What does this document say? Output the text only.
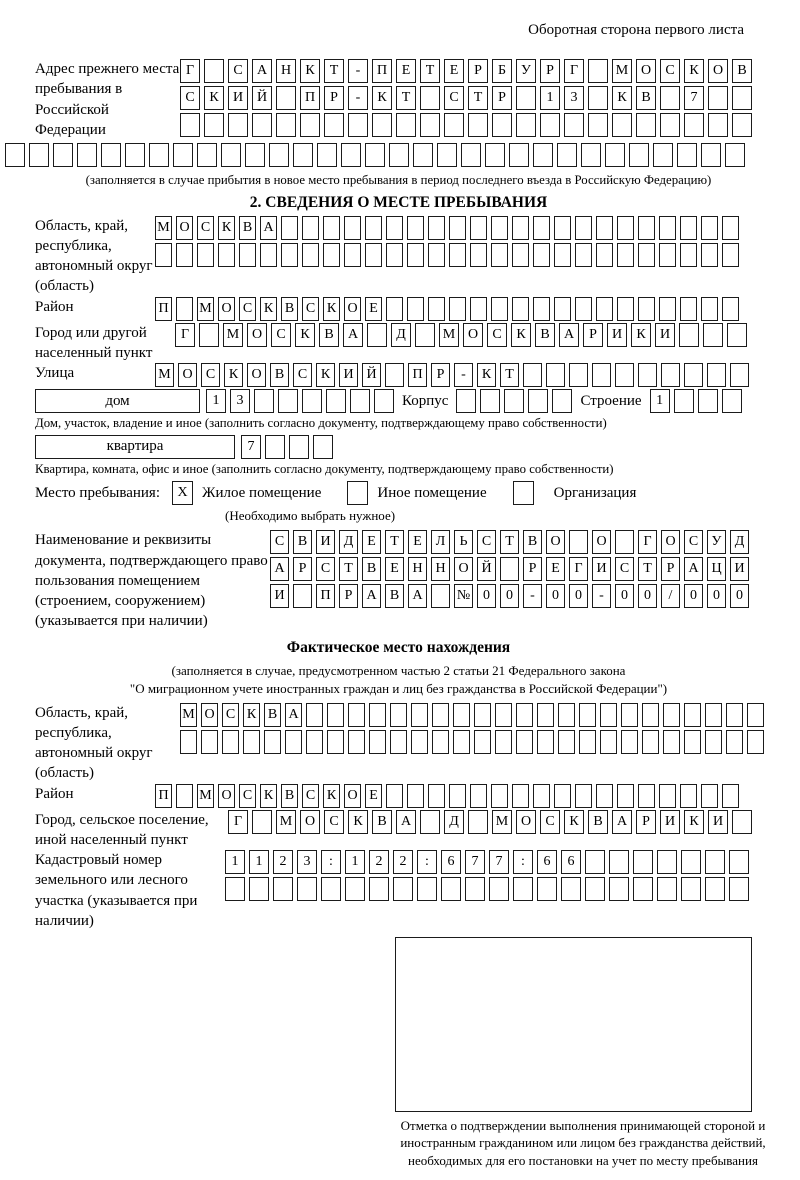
Оборотная сторона первого листа
Адрес прежнего места пребывания в Российской Федерации
Г	С	А Н	К	Т	-	П	Е	Т	Е	Р	Б	У	Р	Г	М О	С	К	О	В
С	К	И Й	П	Р	-	К	Т	С	Т	Р	1	3	К	В	7
(заполняется в случае прибытия в новое место пребывания в период последнего въезда в Российскую Федерацию)
2. СВЕДЕНИЯ О МЕСТЕ ПРЕБЫВАНИЯ
Область, край, республика, автономный округ (область)
М О С К В А
Район	П М О С К В С К О Е
Город или другой населенный пункт
Г	М О	С	К	В	А	Д	М О	С	К	В	А	Р	И	К	И
Улица	М О С К О В С К И Й	П	Р	-	К	Т
дом	1	3	Корпус	Строение	1
Дом, участок, владение и иное (заполнить согласно документу, подтверждающему право собственности)
квартира	7
Квартира, комната, офис и иное (заполнить согласно документу, подтверждающему право собственности)
Место пребывания:	X Жилое помещение	Иное помещение	Организация
(Необходимо выбрать нужное)
Наименование и реквизиты документа, подтверждающего право пользования помещением (строением, сооружением) (указывается при наличии)
С В И Д Е	Т	Е Л	Ь	С	Т	В О	О	Г О С У Д
А	Р	С	Т	В	Е Н Н О Й	Р	Е	Г И С	Т	Р	А Ц И
И	П	Р	А В А	№ 0	0	-	0	0	-	0	0	/	0	0	0
Фактическое место нахождения
(заполняется в случае, предусмотренном частью 2 статьи 21 Федерального закона
"О миграционном учете иностранных граждан и лиц без гражданства в Российской Федерации")
Область, край, республика, автономный округ (область)
М О С К В А
Район	П М О С К В С К О Е
Город, сельское поселение, иной населенный пункт
Г	М О	С	К	В	А	Д	М О	С	К	В	А	Р	И	К	И
Кадастровый номер земельного или лесного участка (указывается при наличии)
1	1	2	3	:	1	2	2	:	6	7	7	:	6	6
Отметка о подтверждении выполнения принимающей стороной и иностранным гражданином или лицом без гражданства действий, необходимых для его постановки на учет по месту пребывания
